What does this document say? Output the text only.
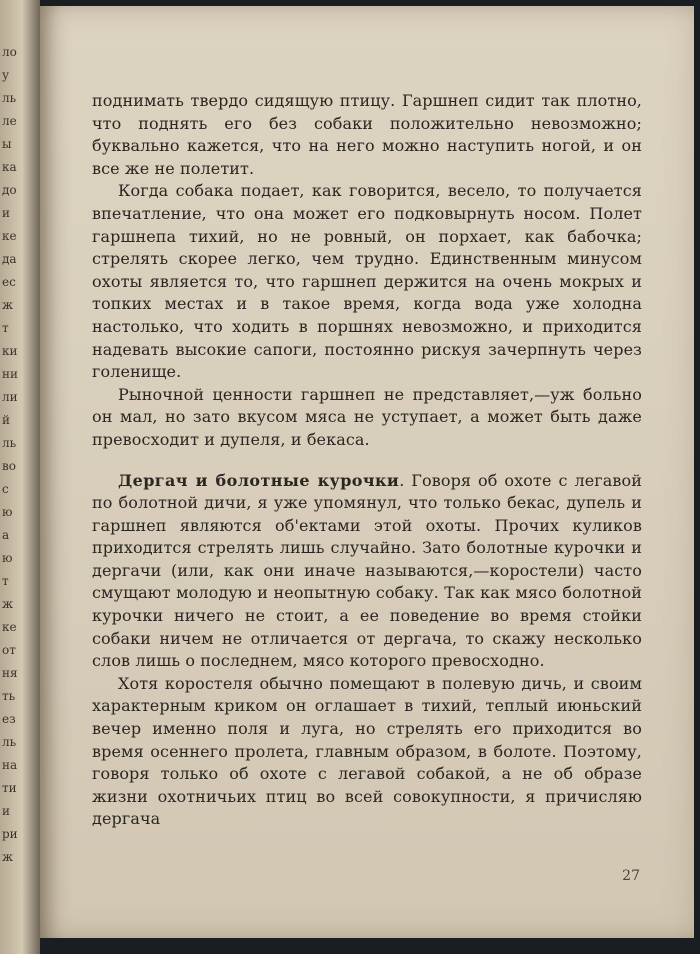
ло
у
ль
ле
ы
ка
до
и
ке
да
ес
ж
т
ки
ни
ли
й
ль
во
с
ю
а
ю
т
ж
ке
от
ня
ть
ез
ль
на
ти
и
ри
ж

поднимать твердо сидящую птицу. Гаршнеп сидит так плотно, что поднять его без собаки положительно невозможно; буквально кажется, что на него можно наступить ногой, и он все же не полетит.

Когда собака подает, как говорится, весело, то получается впечатление, что она может его подковырнуть носом. Полет гаршнепа тихий, но не ровный, он порхает, как бабочка; стрелять скорее легко, чем трудно. Единственным минусом охоты является то, что гаршнеп держится на очень мокрых и топких местах и в такое время, когда вода уже холодна настолько, что ходить в поршнях невозможно, и приходится надевать высокие сапоги, постоянно рискуя зачерпнуть через голенище.

Рыночной ценности гаршнеп не представляет,—уж больно он мал, но зато вкусом мяса не уступает, а может быть даже превосходит и дупеля, и бекаса.

Дергач и болотные курочки. Говоря об охоте с легавой по болотной дичи, я уже упомянул, что только бекас, дупель и гаршнеп являются об'ектами этой охоты. Прочих куликов приходится стрелять лишь случайно. Зато болотные курочки и дергачи (или, как они иначе называются,—коростели) часто смущают молодую и неопытную собаку. Так как мясо болотной курочки ничего не стоит, а ее поведение во время стойки собаки ничем не отличается от дергача, то скажу несколько слов лишь о последнем, мясо которого превосходно.

Хотя коростеля обычно помещают в полевую дичь, и своим характерным криком он оглашает в тихий, теплый июньский вечер именно поля и луга, но стрелять его приходится во время осеннего пролета, главным образом, в болоте. Поэтому, говоря только об охоте с легавой собакой, а не об образе жизни охотничьих птиц во всей совокупности, я причисляю дергача

27
